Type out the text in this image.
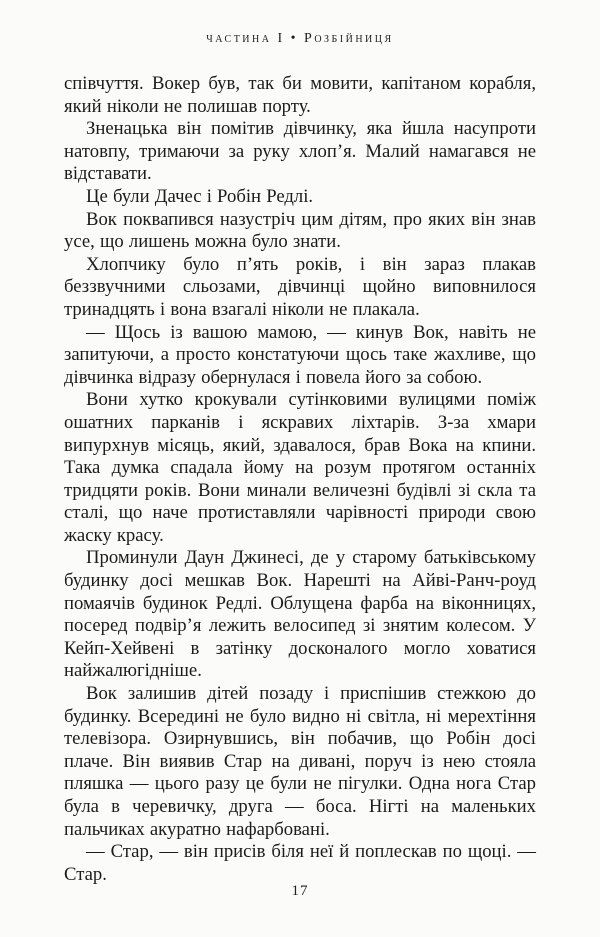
частина I • Розбійниця

співчуття. Вокер був, так би мовити, капітаном корабля, який ніколи не полишав порту.

Зненацька він помітив дівчинку, яка йшла насупроти натовпу, тримаючи за руку хлоп’я. Малий намагався не відставати.

Це були Дачес і Робін Редлі.

Вок поквапився назустріч цим дітям, про яких він знав усе, що лишень можна було знати.

Хлопчику було п’ять років, і він зараз плакав беззвучними сльозами, дівчинці щойно виповнилося тринадцять і вона взагалі ніколи не плакала.

— Щось із вашою мамою, — кинув Вок, навіть не запитуючи, а просто констатуючи щось таке жахливе, що дівчинка відразу обернулася і повела його за собою.

Вони хутко крокували сутінковими вулицями поміж ошатних парканів і яскравих ліхтарів. З-за хмари випурхнув місяць, який, здавалося, брав Вока на кпини. Така думка спадала йому на розум протягом останніх тридцяти років. Вони минали величезні будівлі зі скла та сталі, що наче протиставляли чарівності природи свою жаску красу.

Проминули Даун Джинесі, де у старому батьківському будинку досі мешкав Вок. Нарешті на Айві-Ранч-роуд помаячів будинок Редлі. Облущена фарба на віконницях, посеред подвір’я лежить велосипед зі знятим колесом. У Кейп-Хейвені в затінку досконалого могло ховатися найжалюгідніше.

Вок залишив дітей позаду і приспішив стежкою до будинку. Всередині не було видно ні світла, ні мерехтіння телевізора. Озирнувшись, він побачив, що Робін досі плаче. Він виявив Стар на дивані, поруч із нею стояла пляшка — цього разу це були не пігулки. Одна нога Стар була в черевичку, друга — боса. Нігті на маленьких пальчиках акуратно нафарбовані.

— Стар, — він присів біля неї й поплескав по щоці. — Стар.

17
